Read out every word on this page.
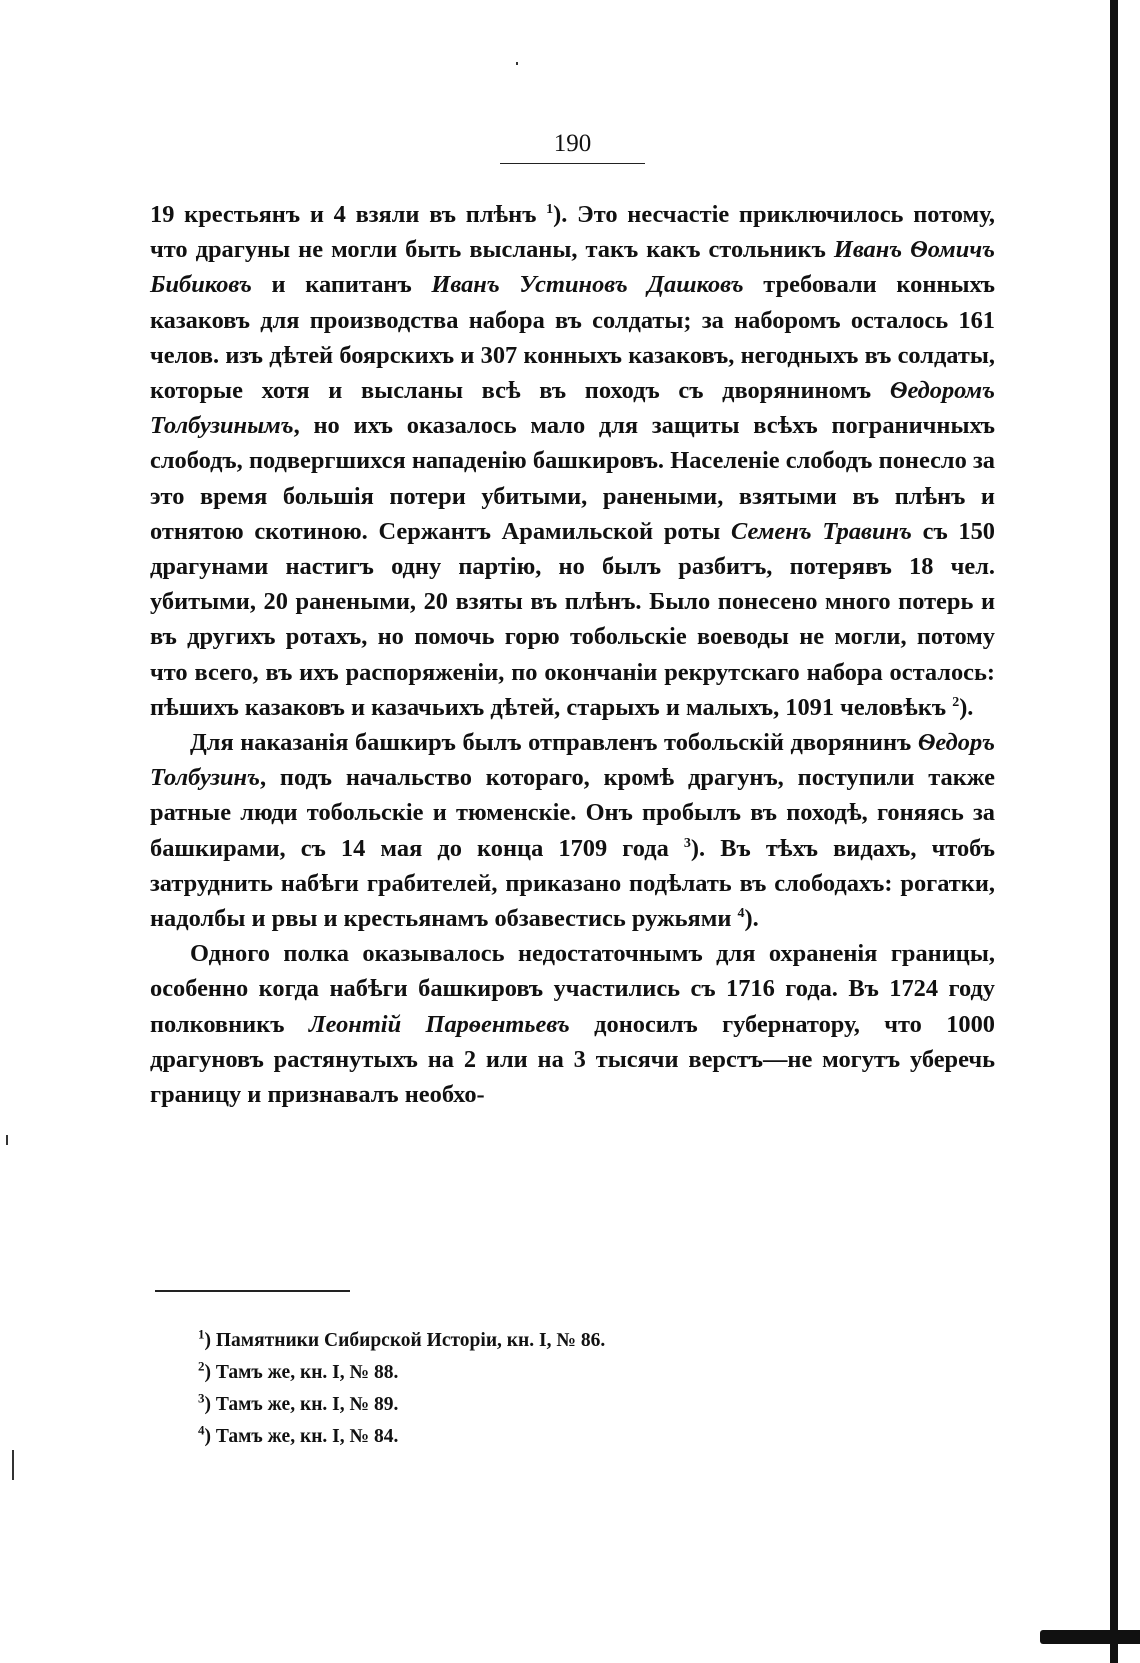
190

19 крестьянъ и 4 взяли въ плѣнъ $^1$). Это несчастіе приключилось потому, что драгуны не могли быть высланы, такъ какъ стольникъ Иванъ Ѳомичъ Бибиковъ и капитанъ Иванъ Устиновъ Дашковъ требовали конныхъ казаковъ для производства набора въ солдаты; за наборомъ осталось 161 челов. изъ дѣтей боярскихъ и 307 конныхъ казаковъ, негодныхъ въ солдаты, которые хотя и высланы всѣ въ походъ съ дворяниномъ Ѳедоромъ Толбузинымъ, но ихъ оказалось мало для защиты всѣхъ пограничныхъ слободъ, подвергшихся нападенію башкировъ. Населеніе слободъ понесло за это время большія потери убитыми, ранеными, взятыми въ плѣнъ и отнятою скотиною. Сержантъ Арамильской роты Семенъ Травинъ съ 150 драгунами настигъ одну партію, но былъ разбитъ, потерявъ 18 чел. убитыми, 20 ранеными, 20 взяты въ плѣнъ. Было понесено много потерь и въ другихъ ротахъ, но помочь горю тобольскіе воеводы не могли, потому что всего, въ ихъ распоряженіи, по окончаніи рекрутскаго набора осталось: пѣшихъ казаковъ и казачьихъ дѣтей, старыхъ и малыхъ, 1091 человѣкъ $^2$).

Для наказанія башкиръ былъ отправленъ тобольскій дворянинъ Ѳедоръ Толбузинъ, подъ начальство котораго, кромѣ драгунъ, поступили также ратные люди тобольскіе и тюменскіе. Онъ пробылъ въ походѣ, гоняясь за башкирами, съ 14 мая до конца 1709 года $^3$). Въ тѣхъ видахъ, чтобъ затруднить набѣги грабителей, приказано подѣлать въ слободахъ: рогатки, надолбы и рвы и крестьянамъ обзавестись ружьями $^4$).

Одного полка оказывалось недостаточнымъ для охраненія границы, особенно когда набѣги башкировъ участились съ 1716 года. Въ 1724 году полковникъ Леонтій Парѳентьевъ доносилъ губернатору, что 1000 драгуновъ растянутыхъ на 2 или на 3 тысячи верстъ—не могутъ уберечь границу и признавалъ необхо-

$^1$) Памятники Сибирской Исторіи, кн. I, № 86.
$^2$) Тамъ же, кн. I, № 88.
$^3$) Тамъ же, кн. I, № 89.
$^4$) Тамъ же, кн. I, № 84.
